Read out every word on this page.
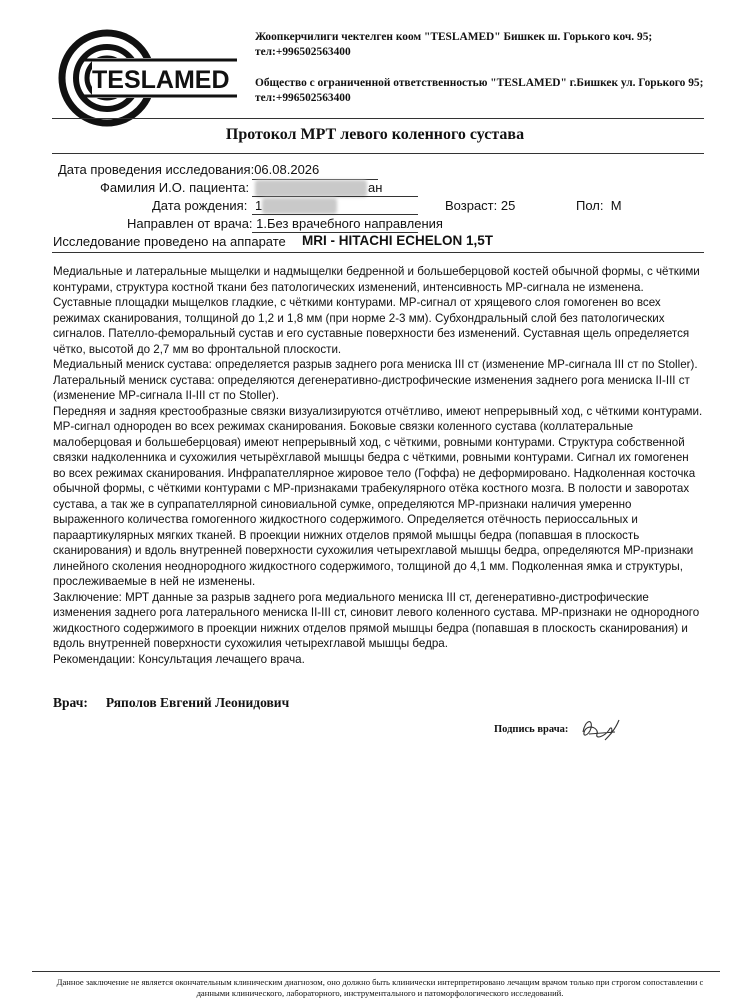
TESLAMED
Жоопкерчилиги чектелген коом "TESLAMED" Бишкек ш. Горького коч. 95; тел:+996502563400
Общество с ограниченной ответственностью "TESLAMED" г.Бишкек ул. Горького 95; тел:+996502563400
Протокол МРТ левого коленного сустава
Дата проведения исследования:06.08.2026
Фамилия И.О. пациента:	ан
Дата рождения: 1	Возраст: 25	Пол: М
Направлен от врача: 1.Без врачебного направления
Исследование проведено на аппарате MRI - HITACHI ECHELON 1,5T

Медиальные и латеральные мыщелки и надмыщелки бедренной и большеберцовой костей обычной формы, с чёткими контурами, структура костной ткани без патологических изменений, интенсивность МР-сигнала не изменена. Суставные площадки мыщелков гладкие, с чёткими контурами. МР-сигнал от хрящевого слоя гомогенен во всех режимах сканирования, толщиной до 1,2 и 1,8 мм (при норме 2-3 мм). Субхондральный слой без патологических сигналов. Пателло-феморальный сустав и его суставные поверхности без изменений. Суставная щель определяется чётко, высотой до 2,7 мм во фронтальной плоскости.

Медиальный мениск сустава: определяется разрыв заднего рога мениска III ст (изменение МР-сигнала III ст по Stoller).

Латеральный мениск сустава: определяются дегенеративно-дистрофические изменения заднего рога мениска II-III ст (изменение МР-сигнала II-III ст по Stoller).

Передняя и задняя крестообразные связки визуализируются отчётливо, имеют непрерывный ход, с чёткими контурами. МР-сигнал однороден во всех режимах сканирования. Боковые связки коленного сустава (коллатеральные малоберцовая и большеберцовая) имеют непрерывный ход, с чёткими, ровными контурами. Структура собственной связки надколенника и сухожилия четырёхглавой мышцы бедра с чёткими, ровными контурами. Сигнал их гомогенен во всех режимах сканирования. Инфрапателлярное жировое тело (Гоффа) не деформировано. Надколенная косточка обычной формы, с чёткими контурами с МР-признаками трабекулярного отёка костного мозга. В полости и заворотах сустава, а так же в супрапателлярной синовиальной сумке, определяются МР-признаки наличия умеренно выраженного количества гомогенного жидкостного содержимого. Определяется отёчность периоссальных и параартикулярных мягких тканей. В проекции нижних отделов прямой мышцы бедра (попавшая в плоскость сканирования) и вдоль внутренней поверхности сухожилия четырехглавой мышцы бедра, определяются МР-признаки линейного сколения неоднородного жидкостного содержимого, толщиной до 4,1 мм. Подколенная ямка и структуры, прослеживаемые в ней не изменены.

Заключение: МРТ данные за разрыв заднего рога медиального мениска III ст, дегенеративно-дистрофические изменения заднего рога латерального мениска II-III ст, синовит левого коленного сустава. МР-признаки не однородного жидкостного содержимого в проекции нижних отделов прямой мышцы бедра (попавшая в плоскость сканирования) и вдоль внутренней поверхности сухожилия четырехглавой мышцы бедра.

Рекомендации: Консультация лечащего врача.

Врач: Ряполов Евгений Леонидович
Подпись врача:
Данное заключение не является окончательным клиническим диагнозом, оно должно быть клинически интерпретировано лечащим врачом только при строгом сопоставлении с данными клинического, лабораторного, инструментального и патоморфологического исследований.
